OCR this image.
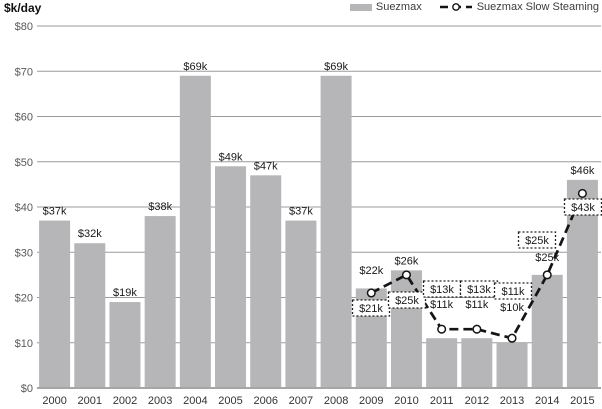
$k/day	Suezmax	Suezmax Slow Steaming
$0
$10
$20
$30
$40
$50
$60
$70
$80
2000 2001 2002 2003 2004 2005 2006 2007 2008 2009 2010 2011 2012 2013 2014 2015
$37k
$32k
$19k
$38k
$69k
$49k
$47k
$37k
$69k
$22k
$26k
$11k $11k $10k
$25k
$46k
$21k
$25k
$13k $13k $11k
$25k
$43k
